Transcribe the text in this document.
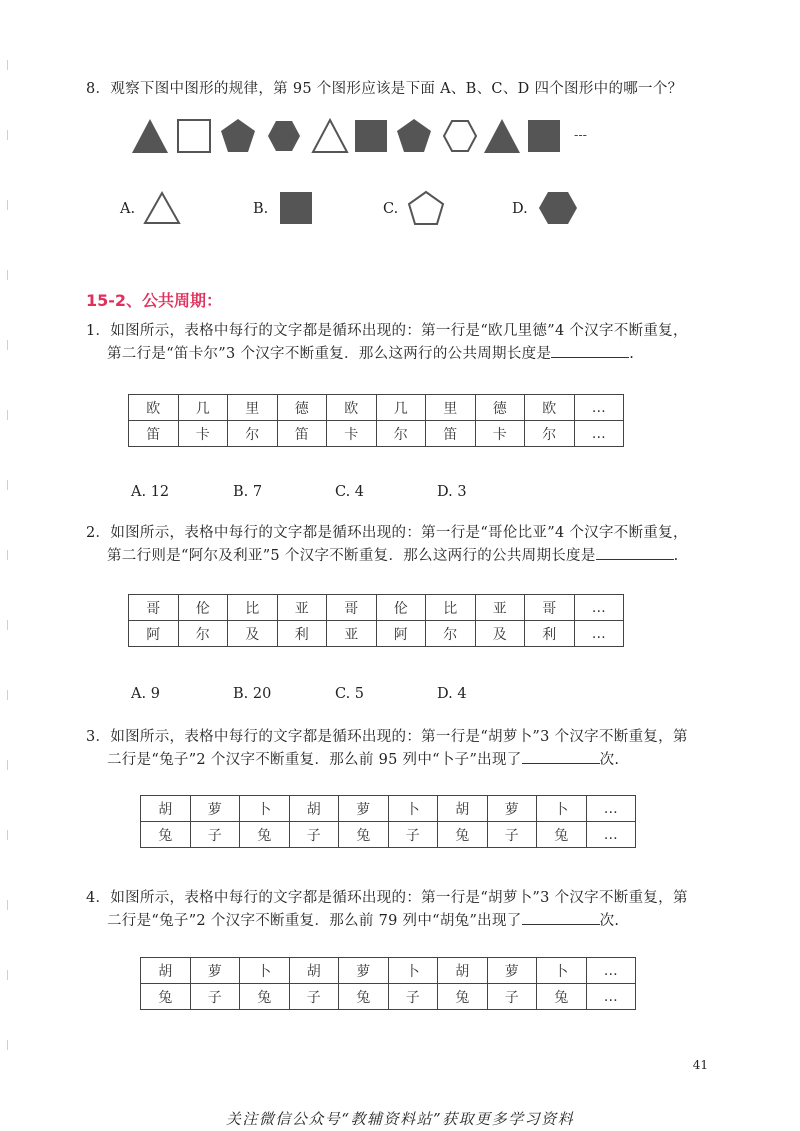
8．观察下图中图形的规律，第 95 个图形应该是下面 A、B、C、D 四个图形中的哪一个？
---
A.	B.	C.	D.
15-2、公共周期：
1．如图所示，表格中每行的文字都是循环出现的：第一行是“欧几里德”4 个汉字不断重复，
第二行是“笛卡尔”3 个汉字不断重复．那么这两行的公共周期长度是	.
欧	几	里	德	欧	几	里	德	欧	…
笛	卡	尔	笛	卡	尔	笛	卡	尔	…
A. 12	B. 7	C. 4	D. 3
2．如图所示，表格中每行的文字都是循环出现的：第一行是“哥伦比亚”4 个汉字不断重复，
第二行则是“阿尔及利亚”5 个汉字不断重复．那么这两行的公共周期长度是	.
哥	伦	比	亚	哥	伦	比	亚	哥	…
阿	尔	及	利	亚	阿	尔	及	利	…
A. 9	B. 20	C. 5	D. 4
3．如图所示，表格中每行的文字都是循环出现的：第一行是“胡萝卜”3 个汉字不断重复，第
二行是“兔子”2 个汉字不断重复．那么前 95 列中“卜子”出现了	次.
胡	萝	卜	胡	萝	卜	胡	萝	卜	…
兔	子	兔	子	兔	子	兔	子	兔	…
4．如图所示，表格中每行的文字都是循环出现的：第一行是“胡萝卜”3 个汉字不断重复，第
二行是“兔子”2 个汉字不断重复．那么前 79 列中“胡兔”出现了	次.
胡	萝	卜	胡	萝	卜	胡	萝	卜	…
兔	子	兔	子	兔	子	兔	子	兔	…
41
关注微信公众号“教辅资料站”获取更多学习资料
